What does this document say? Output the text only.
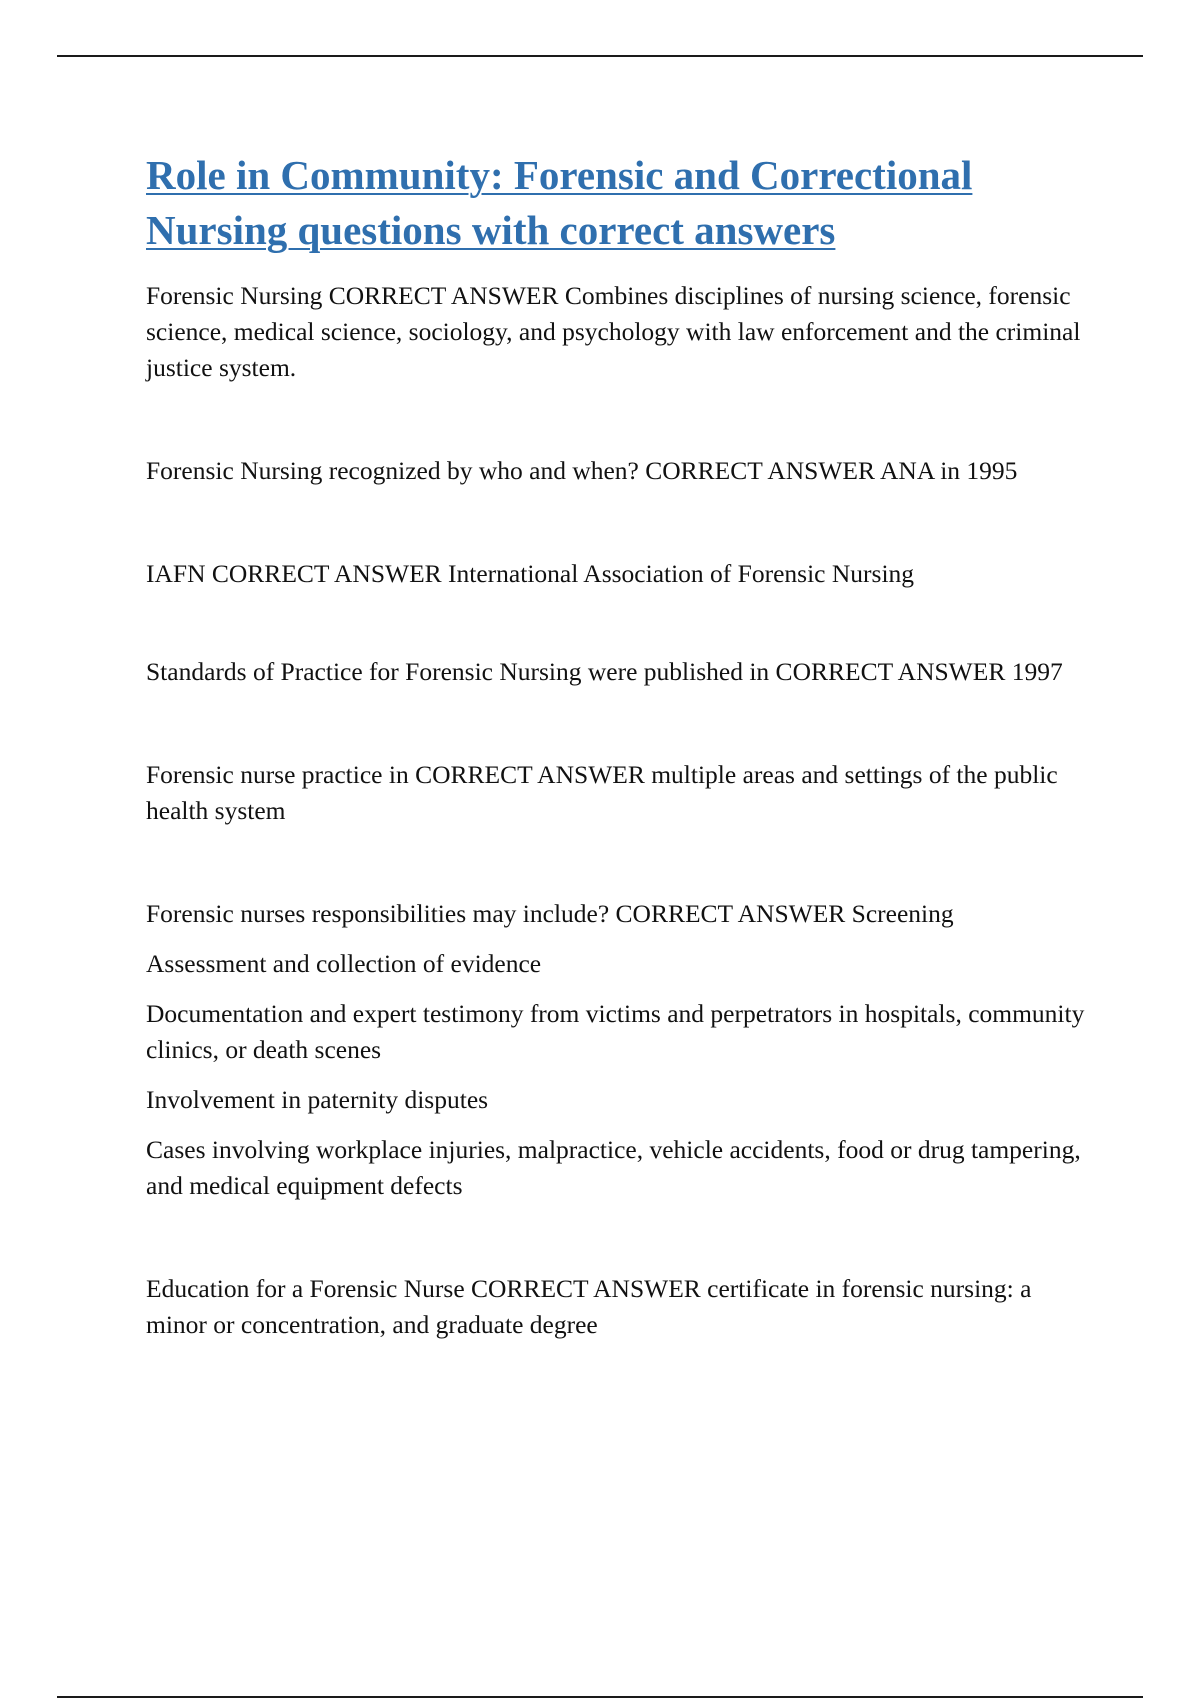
Role in Community: Forensic and Correctional Nursing questions with correct answers

Forensic Nursing CORRECT ANSWER Combines disciplines of nursing science, forensic science, medical science, sociology, and psychology with law enforcement and the criminal justice system.

Forensic Nursing recognized by who and when? CORRECT ANSWER ANA in 1995

IAFN CORRECT ANSWER International Association of Forensic Nursing

Standards of Practice for Forensic Nursing were published in CORRECT ANSWER 1997

Forensic nurse practice in CORRECT ANSWER multiple areas and settings of the public health system

Forensic nurses responsibilities may include? CORRECT ANSWER Screening

Assessment and collection of evidence

Documentation and expert testimony from victims and perpetrators in hospitals, community clinics, or death scenes

Involvement in paternity disputes

Cases involving workplace injuries, malpractice, vehicle accidents, food or drug tampering, and medical equipment defects

Education for a Forensic Nurse CORRECT ANSWER certificate in forensic nursing: a minor or concentration, and graduate degree
